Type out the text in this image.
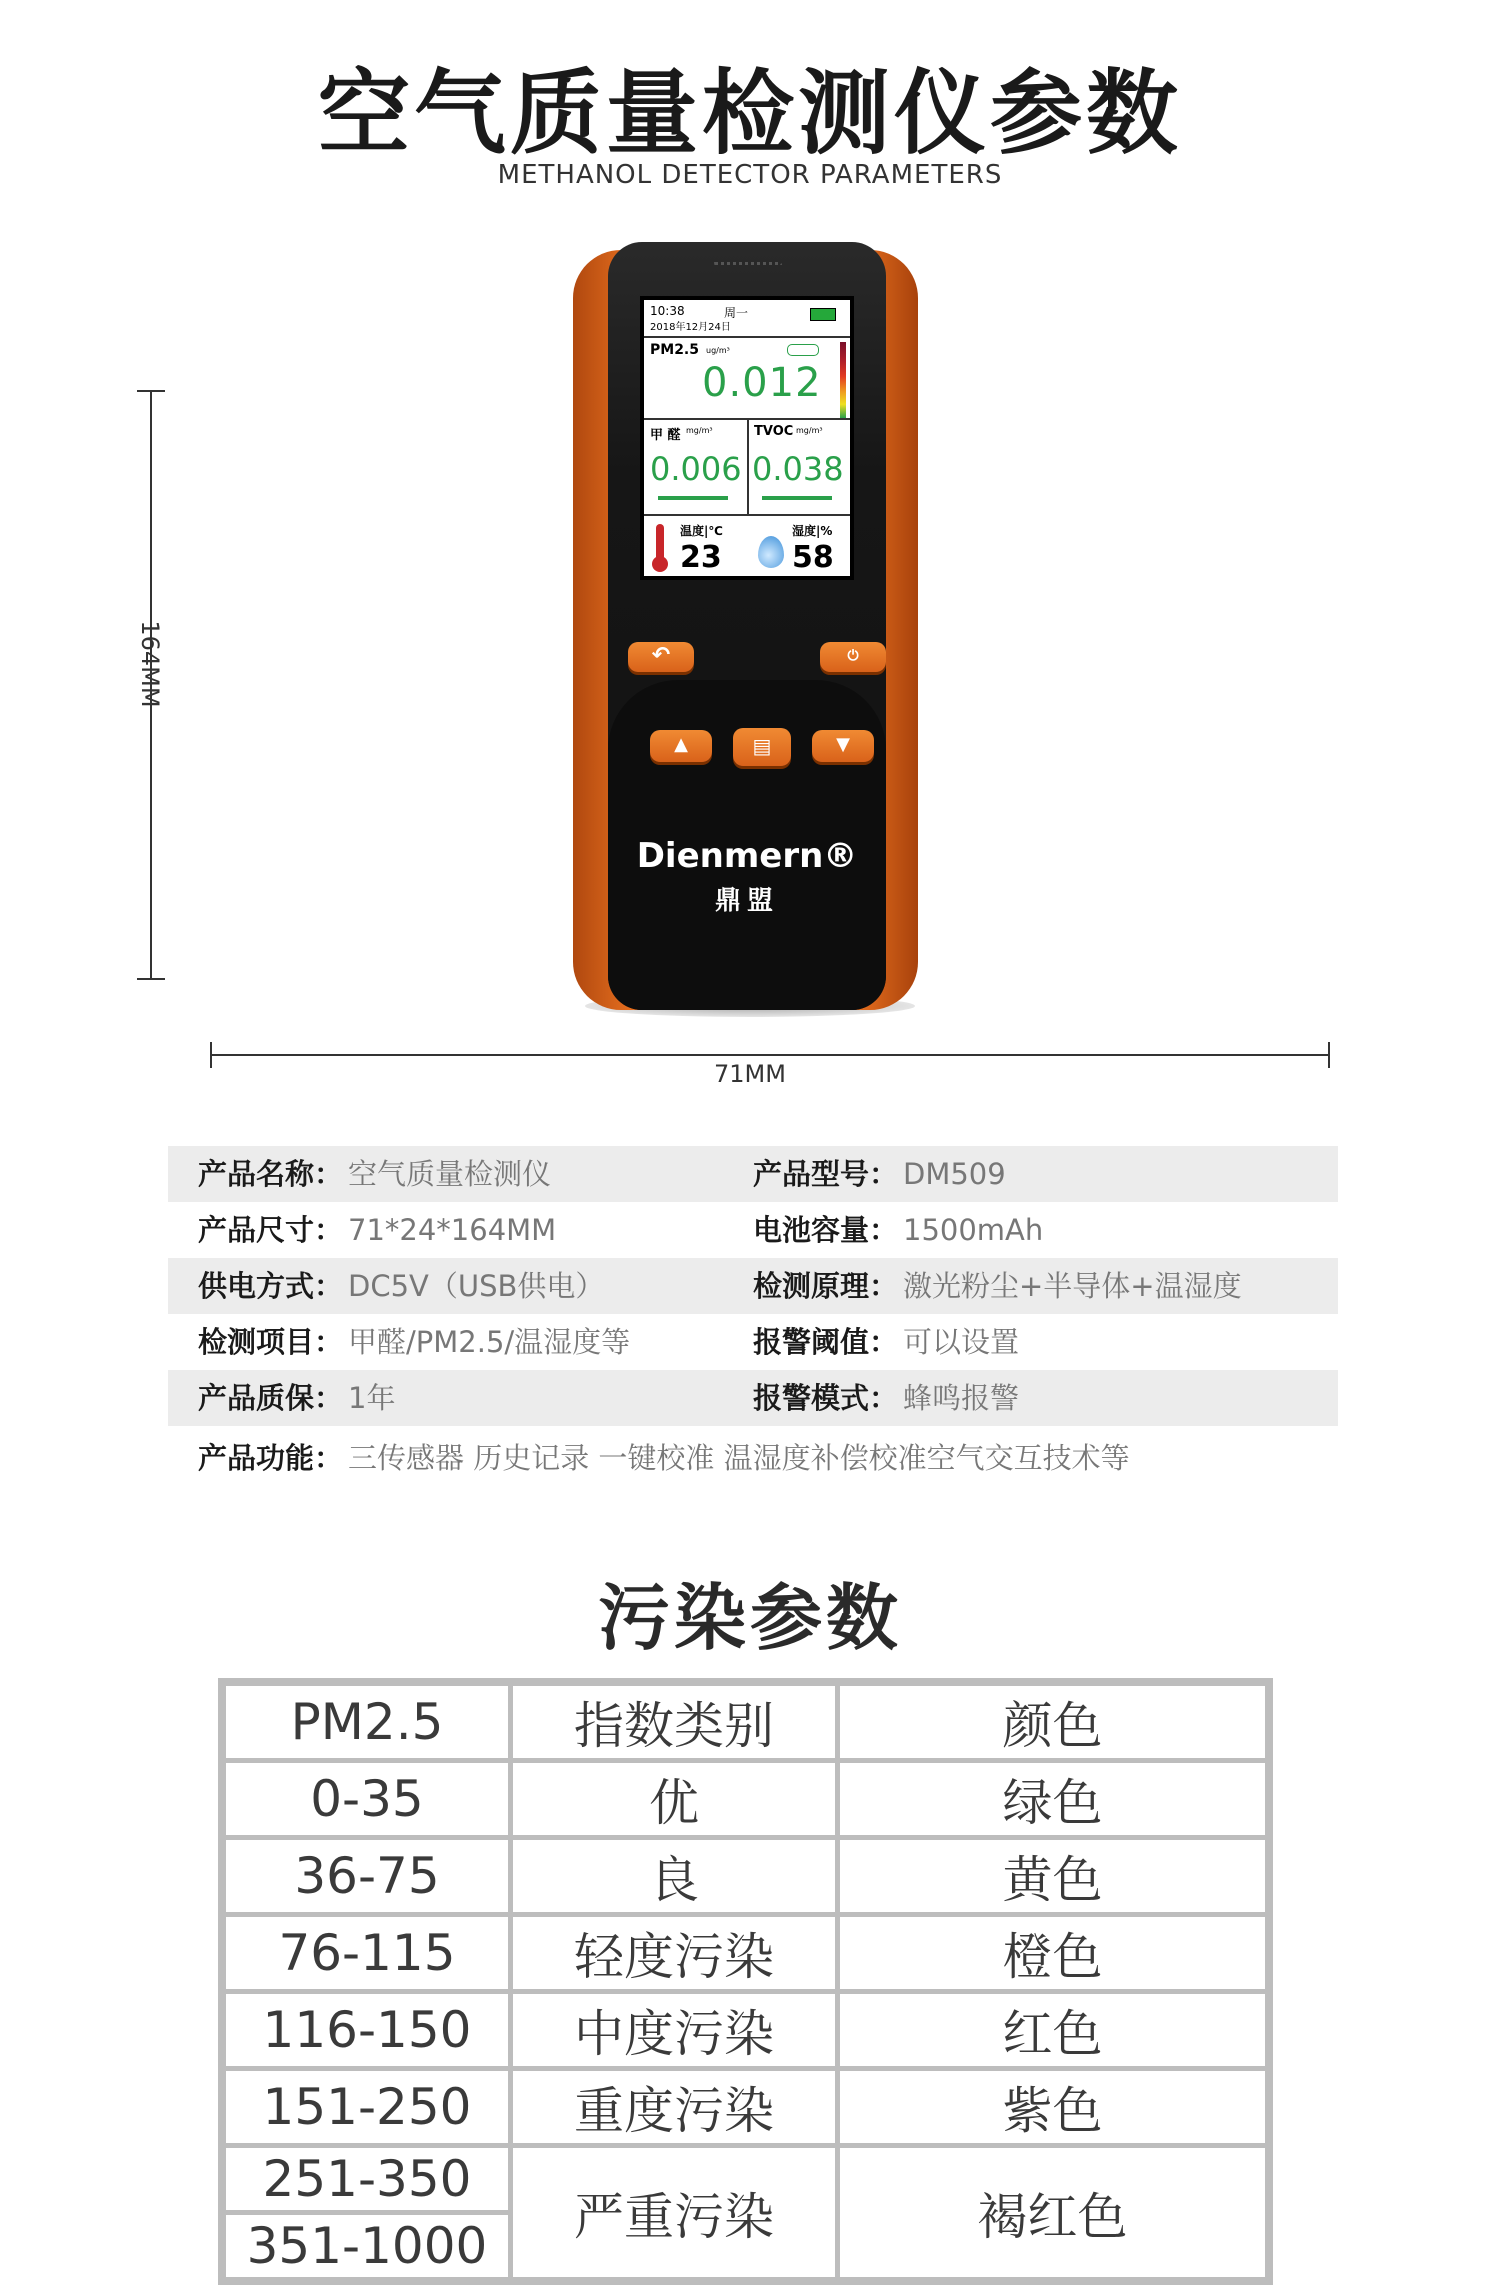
空气质量检测仪参数
METHANOL DETECTOR PARAMETERS
164MM
71MM
10:38	周一
2018年12月24日
PM2.5 ug/m³
0.012
甲 醛 mg/m³
0.006
TVOC mg/m³
0.038
温度|℃
23
湿度|%
58
↶	⏻
▲	▤	▼
Dienmern®
鼎盟
产品名称： 空气质量检测仪	产品型号： DM509
产品尺寸： 71*24*164MM	电池容量： 1500mAh
供电方式： DC5V（USB供电）	检测原理： 激光粉尘+半导体+温湿度
检测项目： 甲醛/PM2.5/温湿度等	报警阈值： 可以设置
产品质保： 1年	报警模式： 蜂鸣报警
产品功能： 三传感器 历史记录 一键校准 温湿度补偿校准空气交互技术等
污染参数
PM2.5	指数类别	颜色
0-35	优	绿色
36-75	良	黄色
76-115	轻度污染	橙色
116-150	中度污染	红色
151-250	重度污染	紫色
251-350	严重污染	褐红色
351-1000		
